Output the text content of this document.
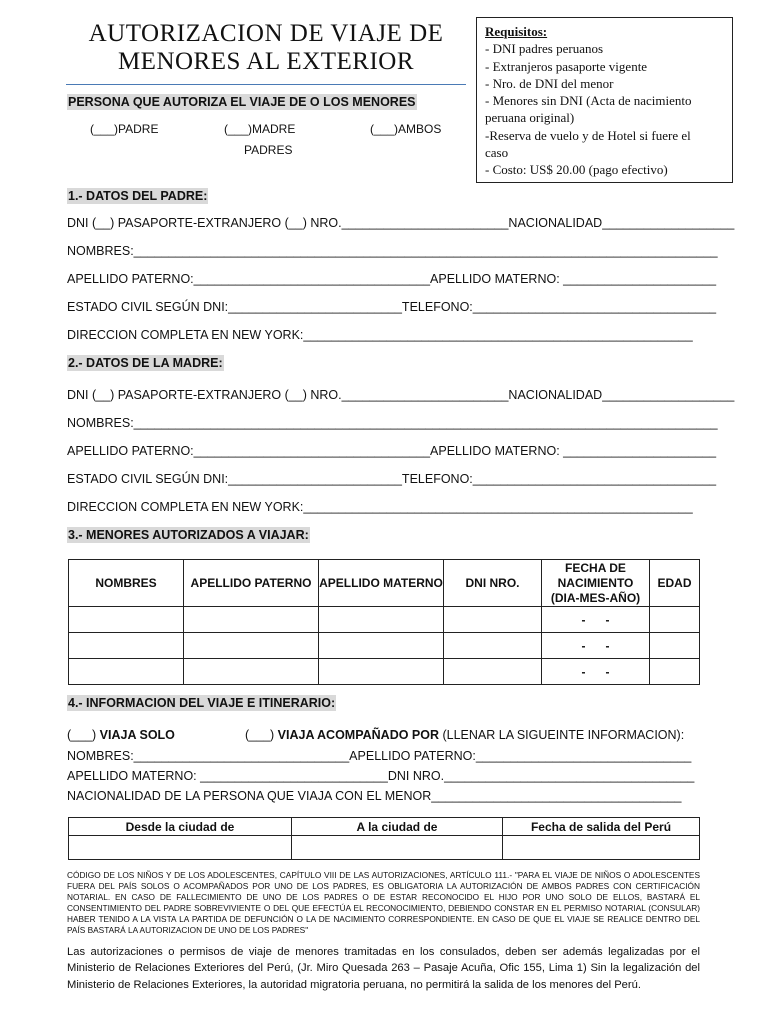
AUTORIZACION DE VIAJE DE
MENORES AL EXTERIOR
Requisitos:
- DNI padres peruanos
- Extranjeros pasaporte vigente
- Nro. de DNI del menor
- Menores sin DNI (Acta de nacimiento
peruana original)
-Reserva de vuelo y de Hotel si fuere el
caso
- Costo: US$ 20.00 (pago efectivo)
PERSONA QUE AUTORIZA EL VIAJE DE O LOS MENORES
(___)PADRE	(___)MADRE	(___)AMBOS
PADRES
1.- DATOS DEL PADRE:
DNI (__) PASAPORTE-EXTRANJERO (__) NRO.________________________NACIONALIDAD___________________
NOMBRES:____________________________________________________________________________________
APELLIDO PATERNO:__________________________________APELLIDO MATERNO: ______________________
ESTADO CIVIL SEGÚN DNI:_________________________TELEFONO:___________________________________
DIRECCION COMPLETA EN NEW YORK:________________________________________________________
2.- DATOS DE LA MADRE:
DNI (__) PASAPORTE-EXTRANJERO (__) NRO.________________________NACIONALIDAD___________________
NOMBRES:____________________________________________________________________________________
APELLIDO PATERNO:__________________________________APELLIDO MATERNO: ______________________
ESTADO CIVIL SEGÚN DNI:_________________________TELEFONO:___________________________________
DIRECCION COMPLETA EN NEW YORK:________________________________________________________
3.- MENORES AUTORIZADOS A VIAJAR:
NOMBRES	APELLIDO PATERNO	APELLIDO MATERNO	DNI NRO.	FECHA DE
NACIMIENTO
(DIA-MES-AÑO)	EDAD
				-      -	
				-      -	
				-      -	
4.- INFORMACION DEL VIAJE E ITINERARIO:
(___) VIAJA SOLO	(___) VIAJA ACOMPAÑADO POR (LLENAR LA SIGUEINTE INFORMACION):
NOMBRES:_______________________________APELLIDO PATERNO:_______________________________
APELLIDO MATERNO: ___________________________DNI NRO.____________________________________
NACIONALIDAD DE LA PERSONA QUE VIAJA CON EL MENOR____________________________________
Desde la ciudad de	A la ciudad de	Fecha de salida del Perú

CÓDIGO DE LOS NIÑOS Y DE LOS ADOLESCENTES, CAPÍTULO VIII DE LAS AUTORIZACIONES, ARTÍCULO 111.- "PARA EL VIAJE DE NIÑOS O ADOLESCENTES FUERA DEL PAÍS SOLOS O ACOMPAÑADOS POR UNO DE LOS PADRES, ES OBLIGATORIA LA AUTORIZACIÓN DE AMBOS PADRES CON CERTIFICACIÓN NOTARIAL. EN CASO DE FALLECIMIENTO DE UNO DE LOS PADRES O DE ESTAR RECONOCIDO EL HIJO POR UNO SOLO DE ELLOS, BASTARÁ EL CONSENTIMIENTO DEL PADRE SOBREVIVIENTE O DEL QUE EFECTÚA EL RECONOCIMIENTO, DEBIENDO CONSTAR EN EL PERMISO NOTARIAL (CONSULAR) HABER TENIDO A LA VISTA LA PARTIDA DE DEFUNCIÓN O LA DE NACIMIENTO CORRESPONDIENTE. EN CASO DE QUE EL VIAJE SE REALICE DENTRO DEL PAÍS BASTARÁ LA AUTORIZACION DE UNO DE LOS PADRES"
Las autorizaciones o permisos de viaje de menores tramitadas en los consulados, deben ser además legalizadas por el Ministerio de Relaciones Exteriores del Perú, (Jr. Miro Quesada 263 – Pasaje Acuña, Ofic 155, Lima 1) Sin la legalización del Ministerio de Relaciones Exteriores, la autoridad migratoria peruana, no permitirá la salida de los menores del Perú.
